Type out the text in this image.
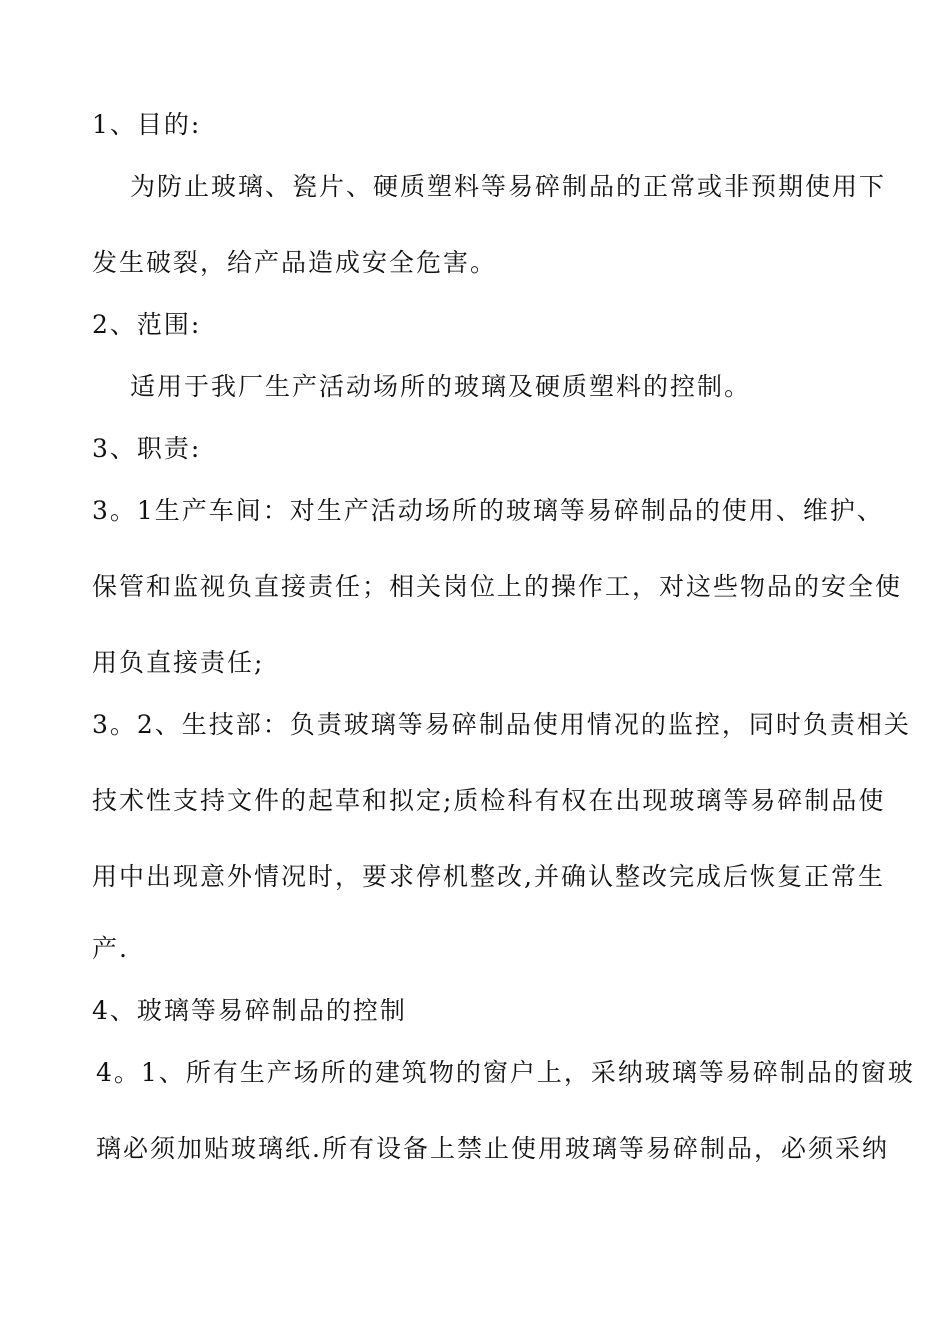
1、目的:
为防止玻璃、瓷片、硬质塑料等易碎制品的正常或非预期使用下
发生破裂，给产品造成安全危害。
2、范围:
适用于我厂生产活动场所的玻璃及硬质塑料的控制。
3、职责:
3。1生产车间：对生产活动场所的玻璃等易碎制品的使用、维护、
保管和监视负直接责任；相关岗位上的操作工，对这些物品的安全使
用负直接责任;
3。2、生技部：负责玻璃等易碎制品使用情况的监控，同时负责相关
技术性支持文件的起草和拟定;质检科有权在出现玻璃等易碎制品使
用中出现意外情况时，要求停机整改,并确认整改完成后恢复正常生
产.
4、玻璃等易碎制品的控制
4。1、所有生产场所的建筑物的窗户上，采纳玻璃等易碎制品的窗玻
璃必须加贴玻璃纸.所有设备上禁止使用玻璃等易碎制品，必须采纳
